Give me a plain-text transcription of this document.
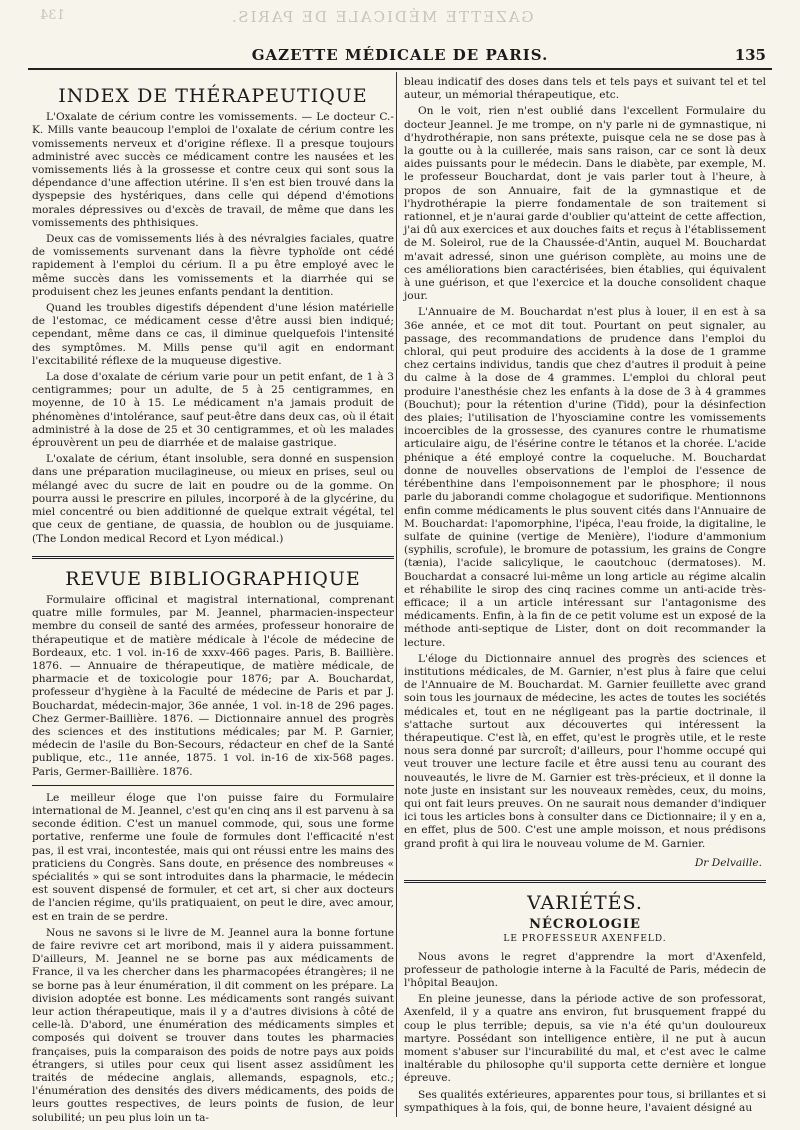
GAZETTE MÉDICALE DE PARIS.
134
GAZETTE MÉDICALE DE PARIS.	135
INDEX DE THÉRAPEUTIQUE

L'Oxalate de cérium contre les vomissements. — Le docteur C.-K. Mills vante beaucoup l'emploi de l'oxalate de cérium contre les vomissements nerveux et d'origine réflexe. Il a presque toujours administré avec succès ce médicament contre les nausées et les vomissements liés à la grossesse et contre ceux qui sont sous la dépendance d'une affection utérine. Il s'en est bien trouvé dans la dyspepsie des hystériques, dans celle qui dépend d'émotions morales dépressives ou d'excès de travail, de même que dans les vomissements des phthisiques.

Deux cas de vomissements liés à des névralgies faciales, quatre de vomissements survenant dans la fièvre typhoïde ont cédé rapidement à l'emploi du cérium. Il a pu être employé avec le même succès dans les vomissements et la diarrhée qui se produisent chez les jeunes enfants pendant la dentition.

Quand les troubles digestifs dépendent d'une lésion matérielle de l'estomac, ce médicament cesse d'être aussi bien indiqué; cependant, même dans ce cas, il diminue quelquefois l'intensité des symptômes. M. Mills pense qu'il agit en endormant l'excitabilité réflexe de la muqueuse digestive.

La dose d'oxalate de cérium varie pour un petit enfant, de 1 à 3 centigrammes; pour un adulte, de 5 à 25 centigrammes, en moyenne, de 10 à 15. Le médicament n'a jamais produit de phénomènes d'intolérance, sauf peut-être dans deux cas, où il était administré à la dose de 25 et 30 centigrammes, et où les malades éprouvèrent un peu de diarrhée et de malaise gastrique.

L'oxalate de cérium, étant insoluble, sera donné en suspension dans une préparation mucilagineuse, ou mieux en prises, seul ou mélangé avec du sucre de lait en poudre ou de la gomme. On pourra aussi le prescrire en pilules, incorporé à de la glycérine, du miel concentré ou bien additionné de quelque extrait végétal, tel que ceux de gentiane, de quassia, de houblon ou de jusquiame. (The London medical Record et Lyon médical.)

REVUE BIBLIOGRAPHIQUE

Formulaire officinal et magistral international, comprenant quatre mille formules, par M. Jeannel, pharmacien-inspecteur membre du conseil de santé des armées, professeur honoraire de thérapeutique et de matière médicale à l'école de médecine de Bordeaux, etc. 1 vol. in-16 de xxxv-466 pages. Paris, B. Baillière. 1876. — Annuaire de thérapeutique, de matière médicale, de pharmacie et de toxicologie pour 1876; par A. Bouchardat, professeur d'hygiène à la Faculté de médecine de Paris et par J. Bouchardat, médecin-major, 36e année, 1 vol. in-18 de 296 pages. Chez Germer-Baillière. 1876. — Dictionnaire annuel des progrès des sciences et des institutions médicales; par M. P. Garnier, médecin de l'asile du Bon-Secours, rédacteur en chef de la Santé publique, etc., 11e année, 1875. 1 vol. in-16 de xix-568 pages. Paris, Germer-Baillière. 1876.

Le meilleur éloge que l'on puisse faire du Formulaire international de M. Jeannel, c'est qu'en cinq ans il est parvenu à sa seconde édition. C'est un manuel commode, qui, sous une forme portative, renferme une foule de formules dont l'efficacité n'est pas, il est vrai, incontestée, mais qui ont réussi entre les mains des praticiens du Congrès. Sans doute, en présence des nombreuses « spécialités » qui se sont introduites dans la pharmacie, le médecin est souvent dispensé de formuler, et cet art, si cher aux docteurs de l'ancien régime, qu'ils pratiquaient, on peut le dire, avec amour, est en train de se perdre.

Nous ne savons si le livre de M. Jeannel aura la bonne fortune de faire revivre cet art moribond, mais il y aidera puissamment. D'ailleurs, M. Jeannel ne se borne pas aux médicaments de France, il va les chercher dans les pharmacopées étrangères; il ne se borne pas à leur énumération, il dit comment on les prépare. La division adoptée est bonne. Les médicaments sont rangés suivant leur action thérapeutique, mais il y a d'autres divisions à côté de celle-là. D'abord, une énumération des médicaments simples et composés qui doivent se trouver dans toutes les pharmacies françaises, puis la comparaison des poids de notre pays aux poids étrangers, si utiles pour ceux qui lisent assez assidûment les traités de médecine anglais, allemands, espagnols, etc.; l'énumération des densités des divers médicaments, des poids de leurs gouttes respectives, de leurs points de fusion, de leur solubilité; un peu plus loin un ta-

bleau indicatif des doses dans tels et tels pays et suivant tel et tel auteur, un mémorial thérapeutique, etc.

On le voit, rien n'est oublié dans l'excellent Formulaire du docteur Jeannel. Je me trompe, on n'y parle ni de gymnastique, ni d'hydrothérapie, non sans prétexte, puisque cela ne se dose pas à la goutte ou à la cuillerée, mais sans raison, car ce sont là deux aides puissants pour le médecin. Dans le diabète, par exemple, M. le professeur Bouchardat, dont je vais parler tout à l'heure, à propos de son Annuaire, fait de la gymnastique et de l'hydrothérapie la pierre fondamentale de son traitement si rationnel, et je n'aurai garde d'oublier qu'atteint de cette affection, j'ai dû aux exercices et aux douches faits et reçus à l'établissement de M. Soleirol, rue de la Chaussée-d'Antin, auquel M. Bouchardat m'avait adressé, sinon une guérison complète, au moins une de ces améliorations bien caractérisées, bien établies, qui équivalent à une guérison, et que l'exercice et la douche consolident chaque jour.

L'Annuaire de M. Bouchardat n'est plus à louer, il en est à sa 36e année, et ce mot dit tout. Pourtant on peut signaler, au passage, des recommandations de prudence dans l'emploi du chloral, qui peut produire des accidents à la dose de 1 gramme chez certains individus, tandis que chez d'autres il produit à peine du calme à la dose de 4 grammes. L'emploi du chloral peut produire l'anesthésie chez les enfants à la dose de 3 à 4 grammes (Bouchut); pour la rétention d'urine (Tidd), pour la désinfection des plaies; l'utilisation de l'hyosciamine contre les vomissements incoercibles de la grossesse, des cyanures contre le rhumatisme articulaire aigu, de l'ésérine contre le tétanos et la chorée. L'acide phénique a été employé contre la coqueluche. M. Bouchardat donne de nouvelles observations de l'emploi de l'essence de térébenthine dans l'empoisonnement par le phosphore; il nous parle du jaborandi comme cholagogue et sudorifique. Mentionnons enfin comme médicaments le plus souvent cités dans l'Annuaire de M. Bouchardat: l'apomorphine, l'ipéca, l'eau froide, la digitaline, le sulfate de quinine (vertige de Menière), l'iodure d'ammonium (syphilis, scrofule), le bromure de potassium, les grains de Congre (tænia), l'acide salicylique, le caoutchouc (dermatoses). M. Bouchardat a consacré lui-même un long article au régime alcalin et réhabilite le sirop des cinq racines comme un anti-acide très-efficace; il a un article intéressant sur l'antagonisme des médicaments. Enfin, à la fin de ce petit volume est un exposé de la méthode anti-septique de Lister, dont on doit recommander la lecture.

L'éloge du Dictionnaire annuel des progrès des sciences et institutions médicales, de M. Garnier, n'est plus à faire que celui de l'Annuaire de M. Bouchardat. M. Garnier feuillette avec grand soin tous les journaux de médecine, les actes de toutes les sociétés médicales et, tout en ne négligeant pas la partie doctrinale, il s'attache surtout aux découvertes qui intéressent la thérapeutique. C'est là, en effet, qu'est le progrès utile, et le reste nous sera donné par surcroît; d'ailleurs, pour l'homme occupé qui veut trouver une lecture facile et être aussi tenu au courant des nouveautés, le livre de M. Garnier est très-précieux, et il donne la note juste en insistant sur les nouveaux remèdes, ceux, du moins, qui ont fait leurs preuves. On ne saurait nous demander d'indiquer ici tous les articles bons à consulter dans ce Dictionnaire; il y en a, en effet, plus de 500. C'est une ample moisson, et nous prédisons grand profit à qui lira le nouveau volume de M. Garnier.

Dr Delvaille.
VARIÉTÉS.
NÉCROLOGIE
LE PROFESSEUR AXENFELD.

Nous avons le regret d'apprendre la mort d'Axenfeld, professeur de pathologie interne à la Faculté de Paris, médecin de l'hôpital Beaujon.

En pleine jeunesse, dans la période active de son professorat, Axenfeld, il y a quatre ans environ, fut brusquement frappé du coup le plus terrible; depuis, sa vie n'a été qu'un douloureux martyre. Possédant son intelligence entière, il ne put à aucun moment s'abuser sur l'incurabilité du mal, et c'est avec le calme inaltérable du philosophe qu'il supporta cette dernière et longue épreuve.

Ses qualités extérieures, apparentes pour tous, si brillantes et si sympathiques à la fois, qui, de bonne heure, l'avaient désigné au
